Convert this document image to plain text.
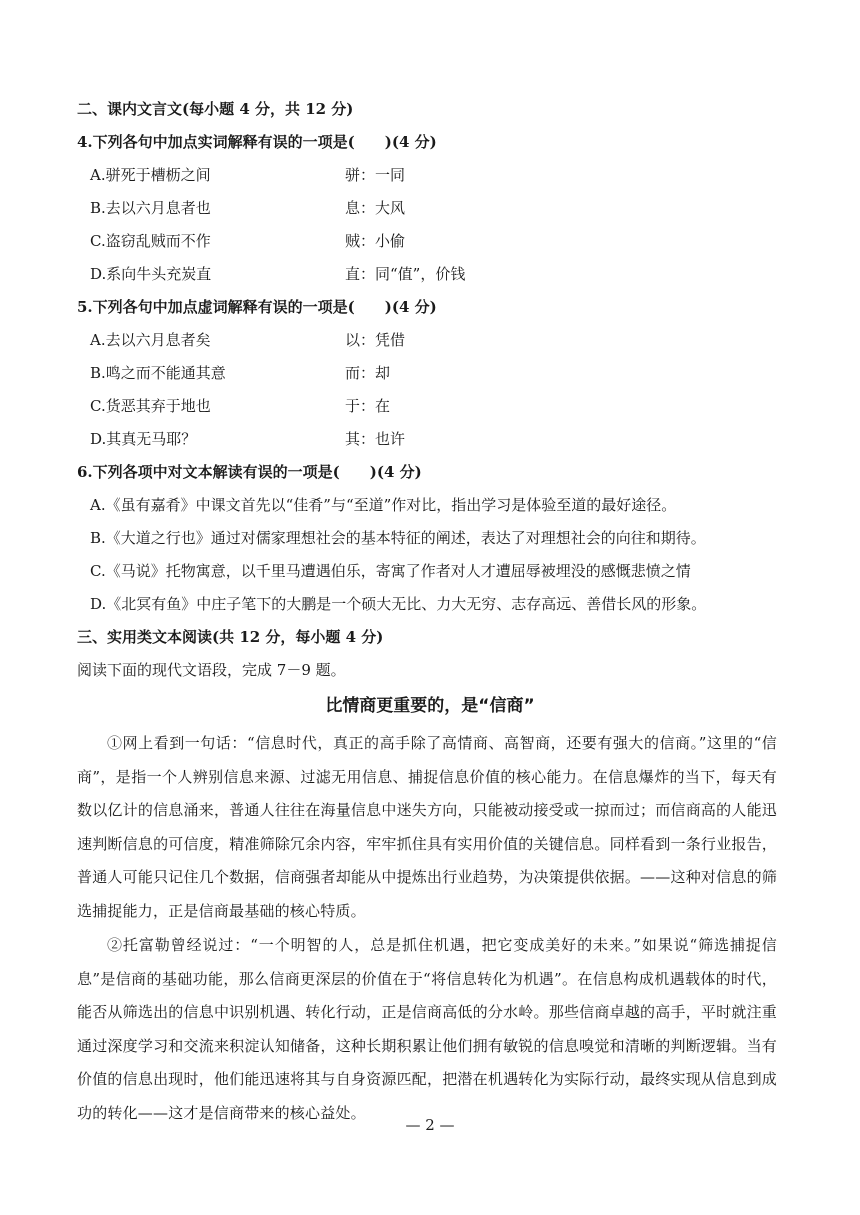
二、课内文言文(每小题 4 分，共 12 分)
4.下列各句中加点实词解释有误的一项是(　　)(4 分)
A.骈死于槽枥之间	骈：一同
B.去以六月息者也	息：大风
C.盗窃乱贼而不作	贼：小偷
D.系向牛头充炭直	直：同“值”，价钱
5.下列各句中加点虚词解释有误的一项是(　　)(4 分)
A.去以六月息者矣	以：凭借
B.鸣之而不能通其意	而：却
C.货恶其弃于地也	于：在
D.其真无马耶？	其：也许
6.下列各项中对文本解读有误的一项是(　　)(4 分)
A.《虽有嘉肴》中课文首先以“佳肴”与“至道”作对比，指出学习是体验至道的最好途径。
B.《大道之行也》通过对儒家理想社会的基本特征的阐述，表达了对理想社会的向往和期待。
C.《马说》托物寓意，以千里马遭遇伯乐，寄寓了作者对人才遭屈辱被埋没的感慨悲愤之情
D.《北冥有鱼》中庄子笔下的大鹏是一个硕大无比、力大无穷、志存高远、善借长风的形象。
三、实用类文本阅读(共 12 分，每小题 4 分)
阅读下面的现代文语段，完成 7－9 题。
比情商更重要的，是“信商”

①网上看到一句话：“信息时代，真正的高手除了高情商、高智商，还要有强大的信商。”这里的“信商”，是指一个人辨别信息来源、过滤无用信息、捕捉信息价值的核心能力。在信息爆炸的当下，每天有数以亿计的信息涌来，普通人往往在海量信息中迷失方向，只能被动接受或一掠而过；而信商高的人能迅速判断信息的可信度，精准筛除冗余内容，牢牢抓住具有实用价值的关键信息。同样看到一条行业报告，普通人可能只记住几个数据，信商强者却能从中提炼出行业趋势，为决策提供依据。——这种对信息的筛选捕捉能力，正是信商最基础的核心特质。

②托富勒曾经说过：“一个明智的人，总是抓住机遇，把它变成美好的未来。”如果说“筛选捕捉信息”是信商的基础功能，那么信商更深层的价值在于“将信息转化为机遇”。在信息构成机遇载体的时代，能否从筛选出的信息中识别机遇、转化行动，正是信商高低的分水岭。那些信商卓越的高手，平时就注重通过深度学习和交流来积淀认知储备，这种长期积累让他们拥有敏锐的信息嗅觉和清晰的判断逻辑。当有价值的信息出现时，他们能迅速将其与自身资源匹配，把潜在机遇转化为实际行动，最终实现从信息到成功的转化——这才是信商带来的核心益处。

— 2 —
